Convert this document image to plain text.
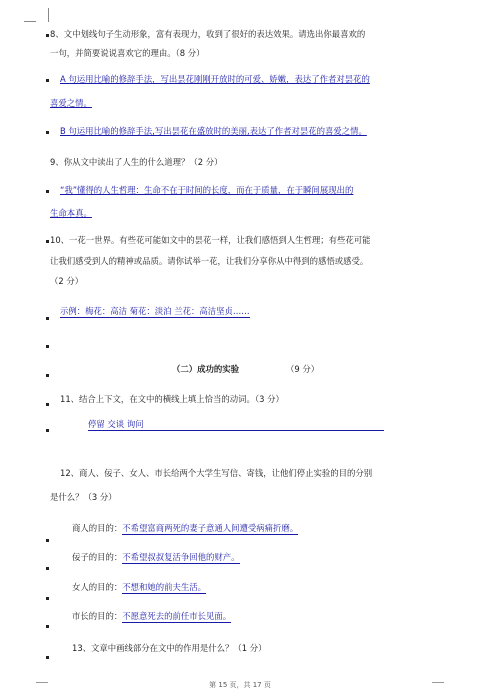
8、文中划线句子生动形象，富有表现力，收到了很好的表达效果。请选出你最喜欢的
一句，并简要说说喜欢它的理由。（8 分）
A 句运用比喻的修辞手法，写出昙花刚刚开放时的可爱、娇嫩，表达了作者对昙花的
喜爱之情。
B 句运用比喻的修辞手法,写出昙花在盛放时的美丽,表达了作者对昙花的喜爱之情。
9、你从文中读出了人生的什么道理？（2 分）
“我”懂得的人生哲理：生命不在于时间的长度，而在于质量，在于瞬间展现出的
生命本真。
10、一花一世界。有些花可能如文中的昙花一样，让我们感悟到人生哲理；有些花可能
让我们感受到人的精神或品质。请你试举一花，让我们分享你从中得到的感悟或感受。
（2 分）
示例：梅花：高洁 菊花：淡泊 兰花：高洁坚贞……
（二）成功的实验	（9 分）
11、结合上下文，在文中的横线上填上恰当的动词。（3 分）
停留 交谈 询问
12、商人、佞子、女人、市长给两个大学生写信、寄钱，让他们停止实验的目的分别
是什么？（3 分）
商人的目的：不希望富商两死的妻子意通人间遭受病痛折磨。
佞子的目的：不希望叔叔复活争回他的财产。
女人的目的：不想和她的前夫生活。
市长的目的：不愿意死去的前任市长见面。
13、文章中画线部分在文中的作用是什么？（1 分）
第 15 页，共 17 页
